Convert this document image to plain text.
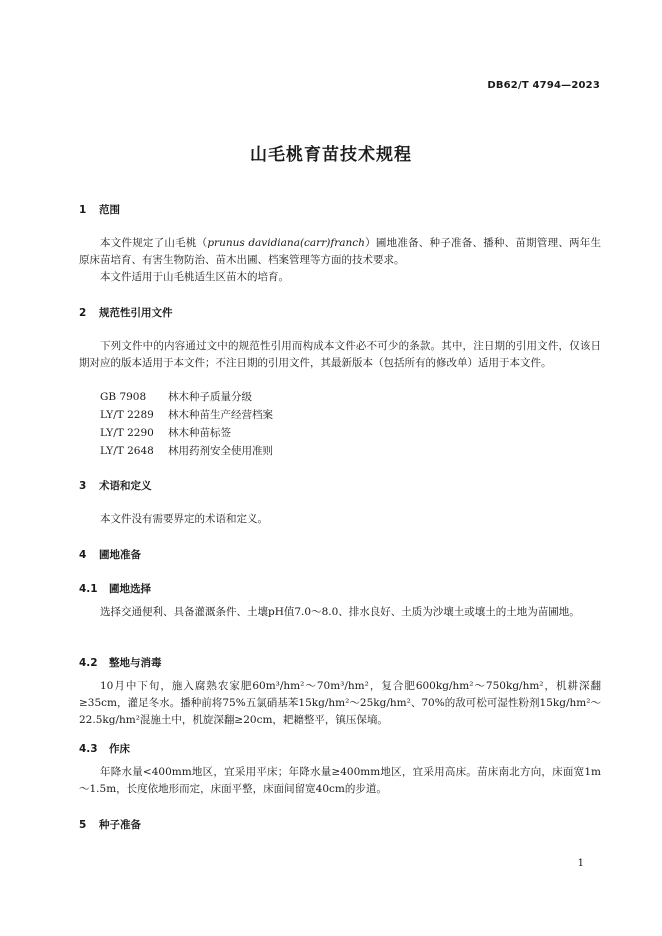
DB62/T 4794—2023
山毛桃育苗技术规程
1 范围
本文件规定了山毛桃（prunus davidiana(carr)franch）圃地准备、种子准备、播种、苗期管理、两年生原床苗培育、有害生物防治、苗木出圃、档案管理等方面的技术要求。
本文件适用于山毛桃适生区苗木的培育。
2 规范性引用文件
下列文件中的内容通过文中的规范性引用而构成本文件必不可少的条款。其中，注日期的引用文件，仅该日期对应的版本适用于本文件；不注日期的引用文件，其最新版本（包括所有的修改单）适用于本文件。
GB 7908 林木种子质量分级
LY/T 2289 林木种苗生产经营档案
LY/T 2290 林木种苗标签
LY/T 2648 林用药剂安全使用准则
3 术语和定义
本文件没有需要界定的术语和定义。
4 圃地准备
4.1 圃地选择
选择交通便利、具备灌溉条件、土壤pH值7.0～8.0、排水良好、土质为沙壤土或壤土的土地为苗圃地。
4.2 整地与消毒
10月中下旬，施入腐熟农家肥60m³/hm²～70m³/hm²，复合肥600kg/hm²～750kg/hm²，机耕深翻≥35cm，灌足冬水。播种前将75%五氯硝基苯15kg/hm²～25kg/hm²、70%的敌可松可湿性粉剂15kg/hm²～22.5kg/hm²混施土中，机旋深翻≥20cm，耙耱整平，镇压保墒。
4.3 作床
年降水量<400mm地区，宜采用平床；年降水量≥400mm地区，宜采用高床。苗床南北方向，床面宽1m～1.5m，长度依地形而定，床面平整，床面间留宽40cm的步道。
5 种子准备
1
